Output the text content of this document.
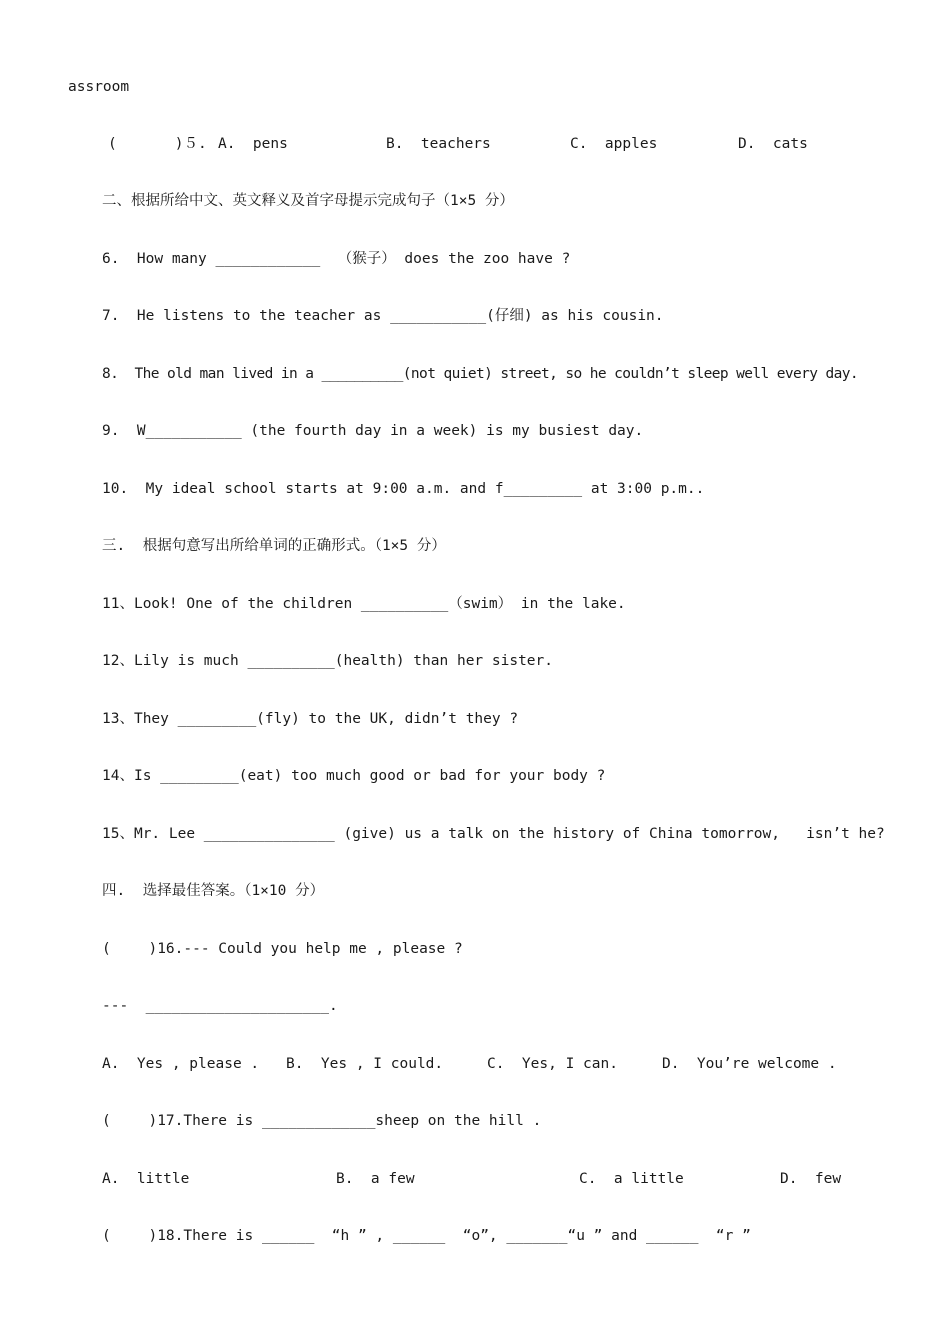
assroom
(　　　　)５. A.  pens	B.  teachers	C.  apples	D.  cats
二、根据所给中文、英文释义及首字母提示完成句子（1×5 分）
6.  How many ____________  （猴子） does the zoo have ?
7.  He listens to the teacher as ___________(仔细) as his cousin.
8.  The old man lived in a __________(not quiet) street, so he couldn’t sleep well every day.
9.  W___________ (the fourth day in a week) is my busiest day.
10.  My ideal school starts at 9:00 a.m. and f_________ at 3:00 p.m..
三.  根据句意写出所给单词的正确形式。（1×5 分）
11、Look! One of the children __________（swim） in the lake.
12、Lily is much __________(health) than her sister.
13、They _________(fly) to the UK, didn’t they ?
14、Is _________(eat) too much good or bad for your body ?
15、Mr. Lee _______________ (give) us a talk on the history of China tomorrow,   isn’t he?
四.  选择最佳答案。（1×10 分）
(　　 )16.--- Could you help me , please ?
---  _____________________.
A.  Yes , please . B.  Yes , I could.	C.  Yes, I can.	D.  You’re welcome .
(　　 )17.There is _____________sheep on the hill .
A.  little	B.  a few	C.  a little	D.  few
(　　 )18.There is ______  “h ” , ______  “o”, _______“u ” and ______  “r ”
